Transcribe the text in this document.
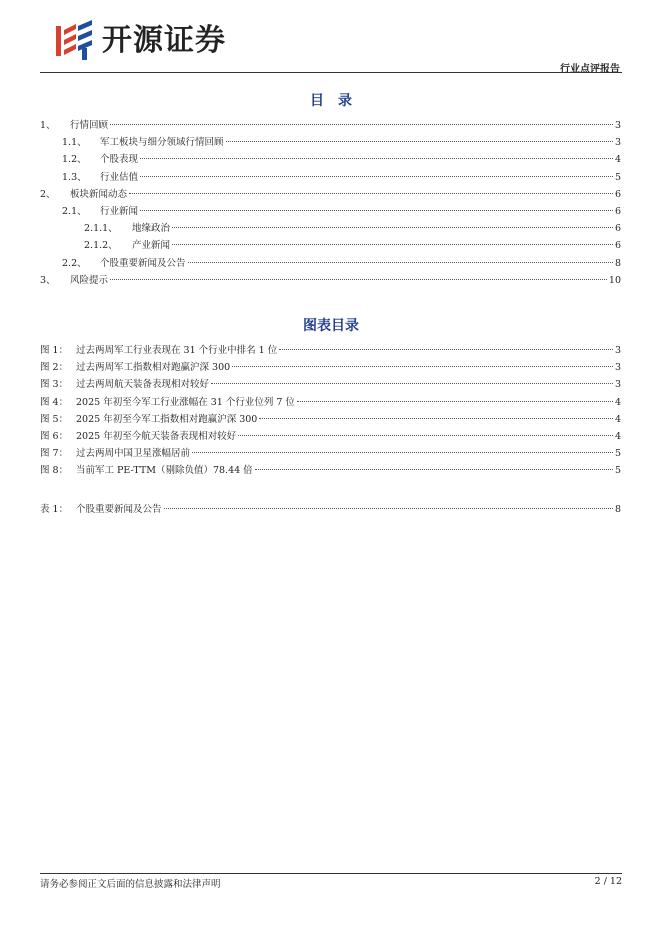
开源证券
行业点评报告
目　录
1、	行情回顾	3
1.1、	军工板块与细分领域行情回顾	3
1.2、	个股表现	4
1.3、	行业估值	5
2、	板块新闻动态	6
2.1、	行业新闻	6
2.1.1、	地缘政治	6
2.1.2、	产业新闻	6
2.2、	个股重要新闻及公告	8
3、	风险提示	10
图表目录
图 1： 过去两周军工行业表现在 31 个行业中排名 1 位	3
图 2： 过去两周军工指数相对跑赢沪深 300	3
图 3： 过去两周航天装备表现相对较好	3
图 4： 2025 年初至今军工行业涨幅在 31 个行业位列 7 位	4
图 5： 2025 年初至今军工指数相对跑赢沪深 300	4
图 6： 2025 年初至今航天装备表现相对较好	4
图 7： 过去两周中国卫星涨幅居前	5
图 8： 当前军工 PE-TTM（剔除负值）78.44 倍	5
表 1： 个股重要新闻及公告	8
请务必参阅正文后面的信息披露和法律声明	2 / 12
